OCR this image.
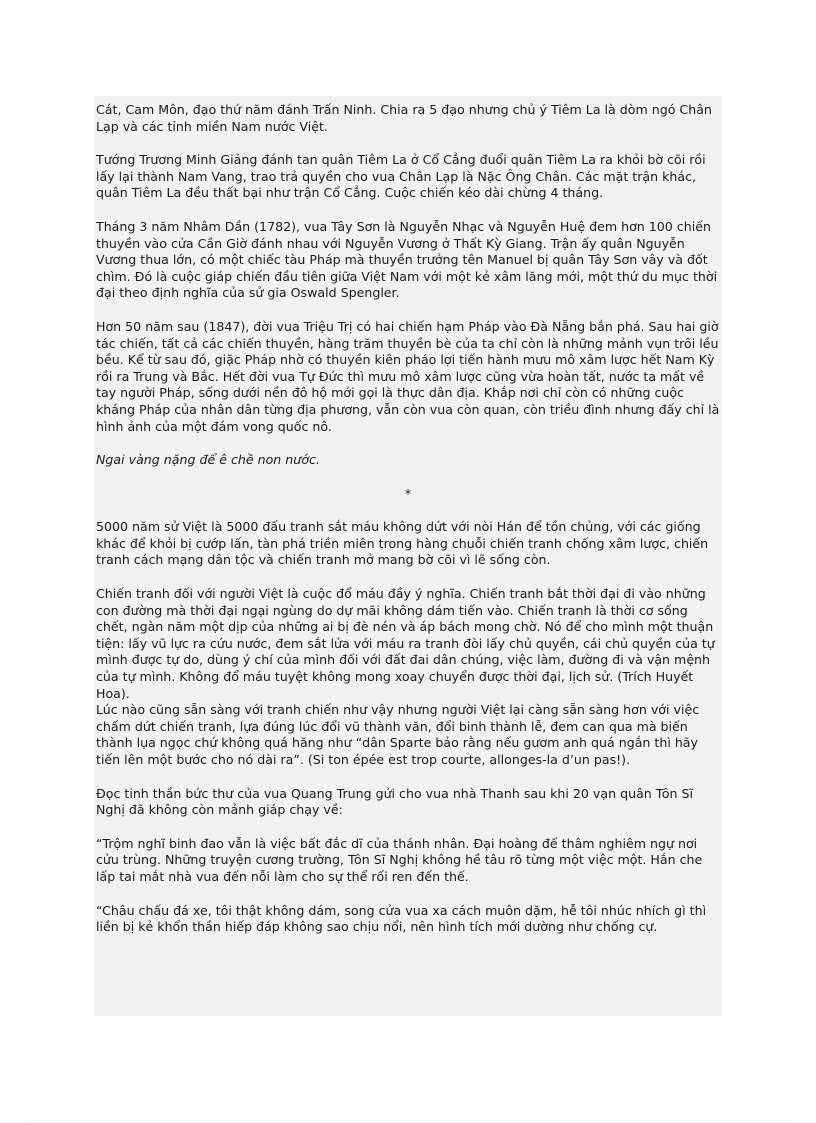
Cát, Cam Môn, đạo thứ năm đánh Trấn Ninh. Chia ra 5 đạo nhưng chủ ý Tiêm La là dòm ngó Chân Lạp và các tỉnh miền Nam nước Việt.

Tướng Trương Minh Giảng đánh tan quân Tiêm La ở Cổ Cẳng đuổi quân Tiêm La ra khỏi bờ cõi rồi lấy lại thành Nam Vang, trao trả quyền cho vua Chân Lạp là Nặc Ông Chân. Các mặt trận khác, quân Tiêm La đều thất bại như trận Cổ Cẳng. Cuộc chiến kéo dài chừng 4 tháng.

Tháng 3 năm Nhâm Dần (1782), vua Tây Sơn là Nguyễn Nhạc và Nguyễn Huệ đem hơn 100 chiến thuyền vào cửa Cần Giờ đánh nhau với Nguyễn Vương ở Thất Kỳ Giang. Trận ấy quân Nguyễn Vương thua lớn, có một chiếc tàu Pháp mà thuyền trưởng tên Manuel bị quân Tây Sơn vây và đốt chìm. Đó là cuộc giáp chiến đầu tiên giữa Việt Nam với một kẻ xâm lăng mới, một thứ du mục thời đại theo định nghĩa của sử gia Oswald Spengler.

Hơn 50 năm sau (1847), đời vua Triệu Trị có hai chiến hạm Pháp vào Đà Nẵng bắn phá. Sau hai giờ tác chiến, tất cả các chiến thuyền, hàng trăm thuyền bè của ta chỉ còn là những mảnh vụn trôi lều bều. Kể từ sau đó, giặc Pháp nhờ có thuyền kiên pháo lợi tiến hành mưu mô xâm lược hết Nam Kỳ rồi ra Trung và Bắc. Hết đời vua Tự Đức thì mưu mô xâm lược cũng vừa hoàn tất, nước ta mất về tay người Pháp, sống dưới nền đô hộ mới gọi là thực dân địa. Khắp nơi chỉ còn có những cuộc kháng Pháp của nhân dân từng địa phương, vẫn còn vua còn quan, còn triều đình nhưng đấy chỉ là hình ảnh của một đám vong quốc nô.

Ngai vàng nặng để ê chề non nước.

*

5000 năm sử Việt là 5000 đấu tranh sắt máu không dứt với nòi Hán để tồn chủng, với các giống khác để khỏi bị cướp lấn, tàn phá triền miên trong hàng chuỗi chiến tranh chống xâm lược, chiến tranh cách mạng dân tộc và chiến tranh mở mang bờ cõi vì lẽ sống còn.

Chiến tranh đối với người Việt là cuộc đổ máu đầy ý nghĩa. Chiến tranh bắt thời đại đi vào những con đường mà thời đại ngại ngùng do dự mãi không dám tiến vào. Chiến tranh là thời cơ sống chết, ngàn năm một dịp của những ai bị đè nén và áp bách mong chờ. Nó để cho mình một thuận tiện: lấy vũ lực ra cứu nước, đem sắt lửa với máu ra tranh đòi lấy chủ quyền, cái chủ quyền của tự mình được tự do, dùng ý chí của mình đối với đất đai dân chúng, việc làm, đường đi và vận mệnh của tự mình. Không đổ máu tuyệt không mong xoay chuyển được thời đại, lịch sử. (Trích Huyết Hoa).

Lúc nào cũng sẵn sàng với tranh chiến như vậy nhưng người Việt lại càng sẵn sàng hơn với việc chấm dứt chiến tranh, lựa đúng lúc đổi vũ thành văn, đổi binh thành lễ, đem can qua mà biến thành lụa ngọc chứ không quá hăng như “dân Sparte bảo rằng nếu gươm anh quá ngắn thì hãy tiến lên một bước cho nó dài ra”. (Si ton épée est trop courte, allonges-la d’un pas!).

Đọc tinh thần bức thư của vua Quang Trung gửi cho vua nhà Thanh sau khi 20 vạn quân Tôn Sĩ Nghị đã không còn mảnh giáp chạy về:

“Trộm nghĩ binh đao vẫn là việc bất đắc dĩ của thánh nhân. Đại hoàng đế thâm nghiêm ngự nơi cửu trùng. Những truyện cương trường, Tôn Sĩ Nghị không hề tâu rõ từng một việc một. Hắn che lấp tai mắt nhà vua đến nỗi làm cho sự thể rối ren đến thế.

“Châu chấu đá xe, tôi thật không dám, song cửa vua xa cách muôn dặm, hễ tôi nhúc nhích gì thì liền bị kẻ khổn thần hiếp đáp không sao chịu nổi, nên hình tích mới dường như chống cự.
